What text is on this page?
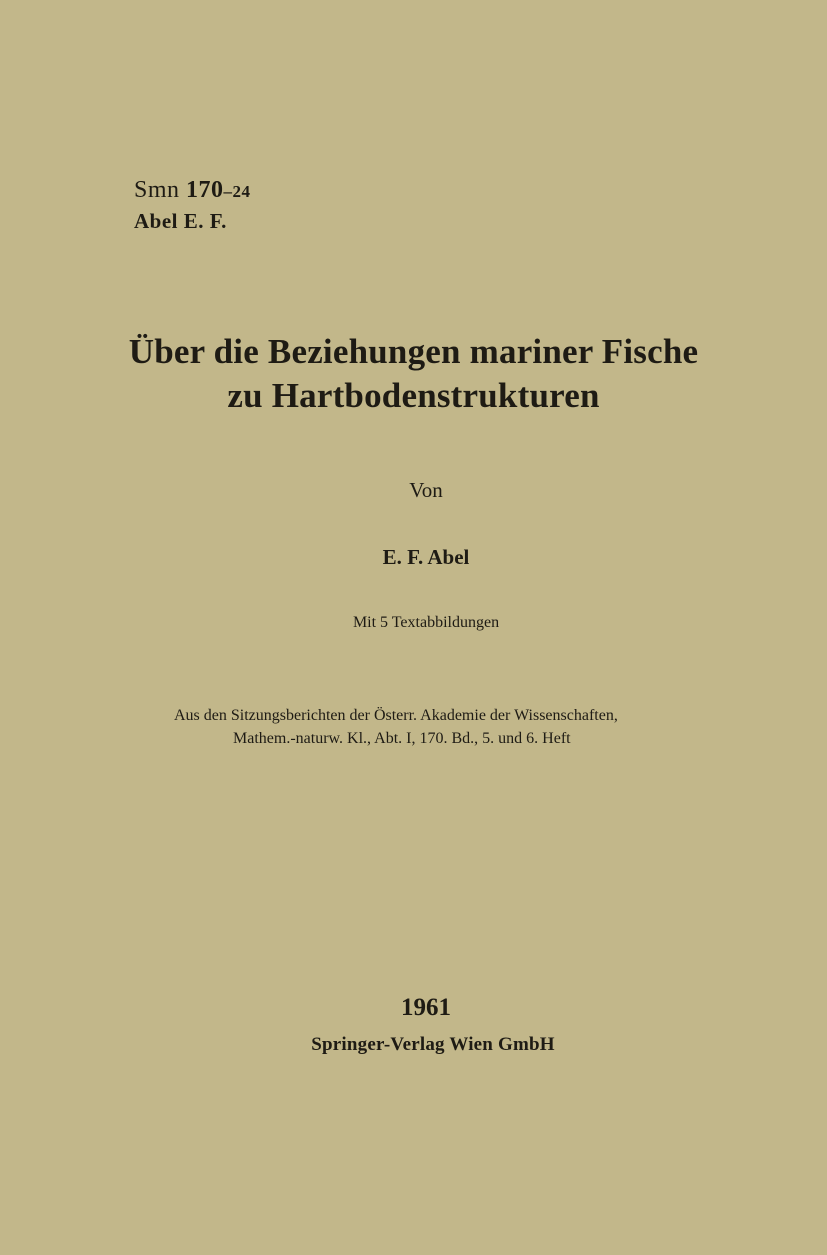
Smn 170–24
Abel E. F.
Über die Beziehungen mariner Fische
zu Hartbodenstrukturen
Von
E. F. Abel
Mit 5 Textabbildungen
Aus den Sitzungsberichten der Österr. Akademie der Wissenschaften,
Mathem.-naturw. Kl., Abt. I, 170. Bd., 5. und 6. Heft
1961
Springer-Verlag Wien GmbH
